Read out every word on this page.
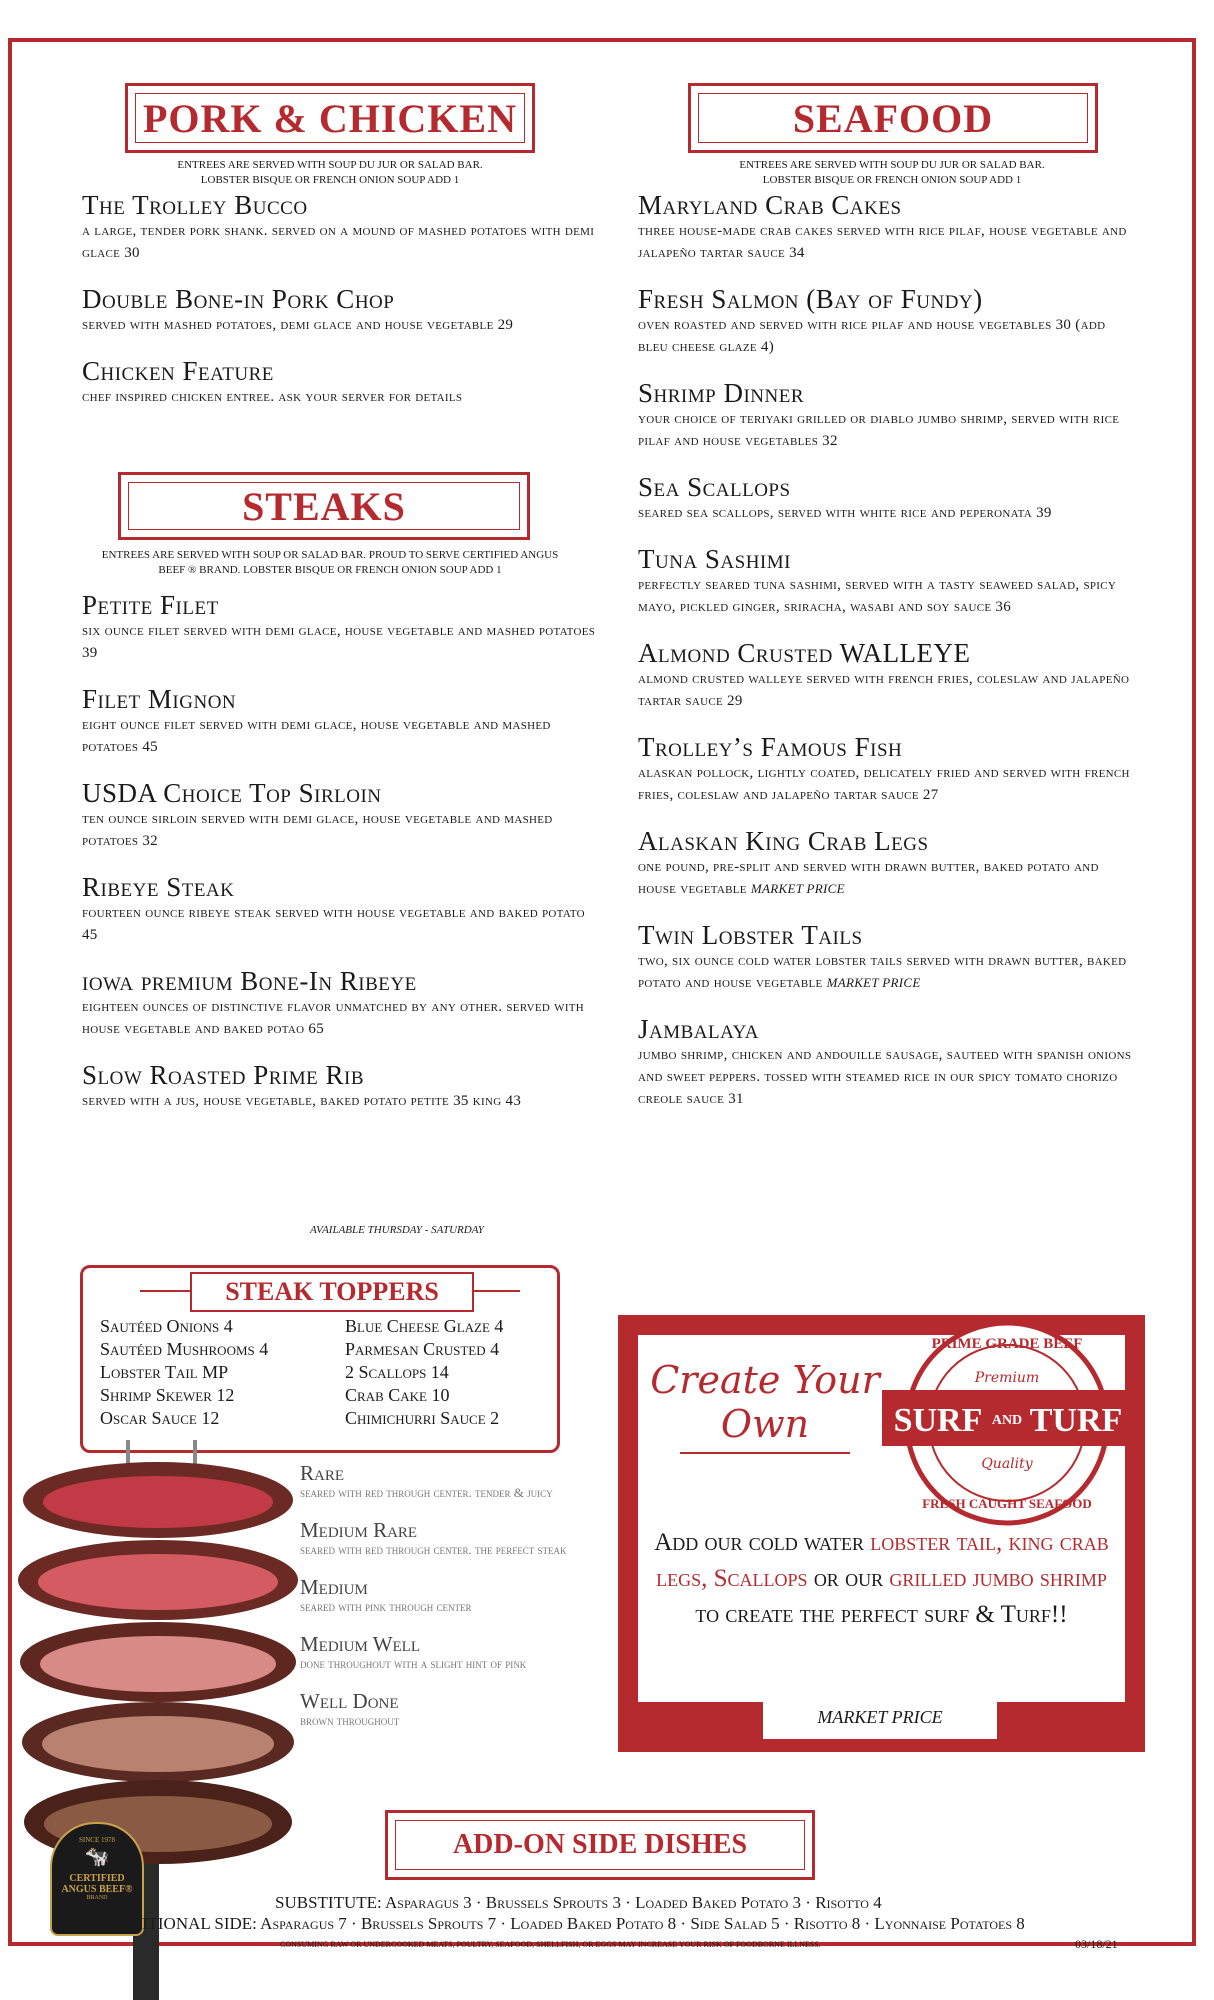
PORK & CHICKEN
ENTREES ARE SERVED WITH SOUP DU JUR OR SALAD BAR. LOBSTER BISQUE OR FRENCH ONION SOUP ADD 1
The Trolley Bucco
a large, tender pork shank. served on a mound of mashed potatoes with demi glace 30
Double Bone-in Pork Chop
served with mashed potatoes, demi glace and house vegetable 29
Chicken Feature
chef inspired chicken entree. ask your server for details
STEAKS
ENTREES ARE SERVED WITH SOUP OR SALAD BAR. PROUD TO SERVE CERTIFIED ANGUS BEEF ® BRAND. LOBSTER BISQUE OR FRENCH ONION SOUP ADD 1
Petite Filet
six ounce filet served with demi glace, house vegetable and mashed potatoes 39
Filet Mignon
eight ounce filet served with demi glace, house vegetable and mashed potatoes 45
USDA Choice Top Sirloin
ten ounce sirloin served with demi glace, house vegetable and mashed potatoes 32
Ribeye Steak
fourteen ounce ribeye steak served with house vegetable and baked potato 45
iowa premium Bone-In Ribeye
eighteen ounces of distinctive flavor unmatched by any other. served with house vegetable and baked potao 65
Slow Roasted Prime Rib
served with a jus, house vegetable, baked potato petite 35 king 43
AVAILABLE THURSDAY - SATURDAY
SEAFOOD
ENTREES ARE SERVED WITH SOUP DU JUR OR SALAD BAR. LOBSTER BISQUE OR FRENCH ONION SOUP ADD 1
Maryland Crab Cakes
three house-made crab cakes served with rice pilaf, house vegetable and jalapeño tartar sauce 34
Fresh Salmon (Bay of Fundy)
oven roasted and served with rice pilaf and house vegetables 30 (add bleu cheese glaze 4)
Shrimp Dinner
your choice of teriyaki grilled or diablo jumbo shrimp, served with rice pilaf and house vegetables 32
Sea Scallops
seared sea scallops, served with white rice and peperonata 39
Tuna Sashimi
perfectly seared tuna sashimi, served with a tasty seaweed salad, spicy mayo, pickled ginger, sriracha, wasabi and soy sauce 36
Almond Crusted WALLEYE
almond crusted walleye served with french fries, coleslaw and jalapeño tartar sauce 29
Trolley’s Famous Fish
alaskan pollock, lightly coated, delicately fried and served with french fries, coleslaw and jalapeño tartar sauce 27
Alaskan King Crab Legs
one pound, pre-split and served with drawn butter, baked potato and house vegetable MARKET PRICE
Twin Lobster Tails
two, six ounce cold water lobster tails served with drawn butter, baked potato and house vegetable MARKET PRICE
Jambalaya
jumbo shrimp, chicken and andouille sausage, sauteed with spanish onions and sweet peppers. tossed with steamed rice in our spicy tomato chorizo creole sauce 31
STEAK TOPPERS
Sautéed Onions 4	Blue Cheese Glaze 4
Sautéed Mushrooms 4	Parmesan Crusted 4
Lobster Tail MP	2 Scallops 14
Shrimp Skewer 12	Crab Cake 10
Oscar Sauce 12	Chimichurri Sauce 2
SINCE 1978
🐄
CERTIFIED
ANGUS BEEF®
BRAND
Rare
seared with red through center. tender & juicy
Medium Rare
seared with red through center. the perfect steak
Medium
seared with pink through center
Medium Well
done throughout with a slight hint of pink
Well Done
brown throughout
Create Your Own
PRIME GRADE BEEF
Premium
SURF AND TURF
Quality
FRESH CAUGHT SEAFOOD
Add our cold water lobster tail, king crab legs, Scallops or our grilled jumbo shrimp to create the perfect surf & Turf!!
MARKET PRICE
ADD-ON SIDE DISHES
SUBSTITUTE: Asparagus 3 · Brussels Sprouts 3 · Loaded Baked Potato 3 · Risotto 4
ADDITIONAL SIDE: Asparagus 7 · Brussels Sprouts 7 · Loaded Baked Potato 8 · Side Salad 5 · Risotto 8 · Lyonnaise Potatoes 8
CONSUMING RAW OR UNDERCOOKED MEATS, POULTRY, SEAFOOD, SHELLFISH, OR EGGS MAY INCREASE YOUR RISK OF FOODBORNE ILLNESS.	03/18/21
